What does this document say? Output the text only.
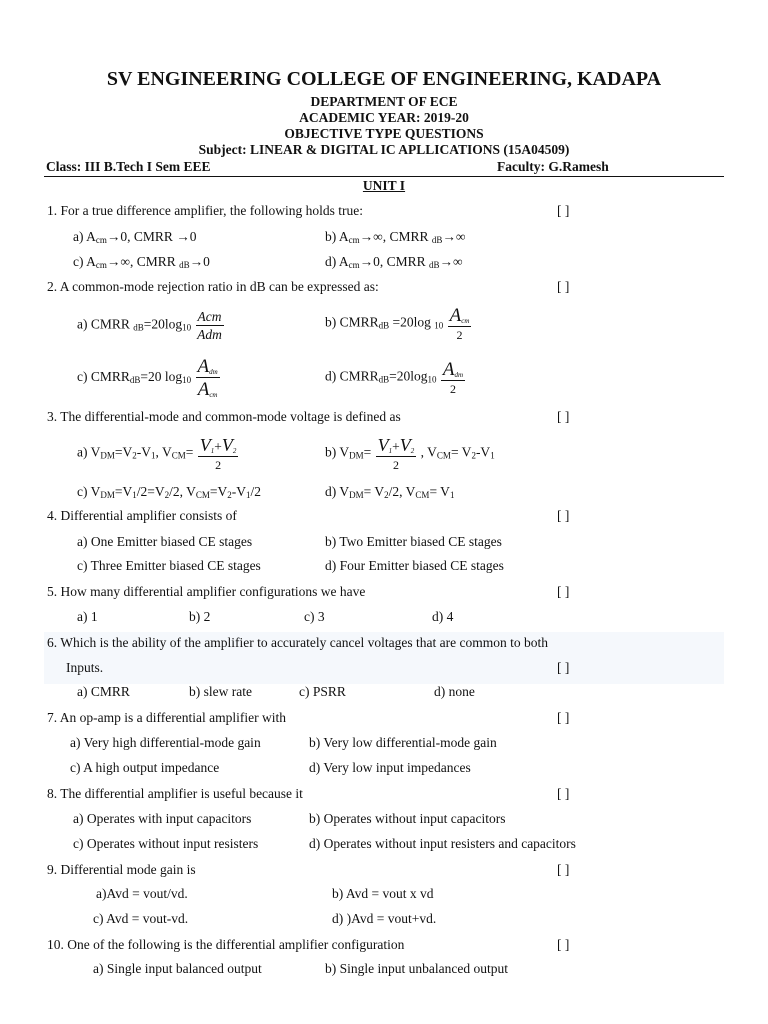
SV ENGINEERING COLLEGE OF ENGINEERING, KADAPA
DEPARTMENT OF ECE
ACADEMIC YEAR: 2019-20
OBJECTIVE TYPE QUESTIONS
Subject: LINEAR & DIGITAL IC APLLICATIONS (15A04509)
Class: III B.Tech I Sem EEE	Faculty: G.Ramesh
UNIT I
1. For a true difference amplifier, the following holds true:	[ ]
a) $A_{cm}\to 0$, CMRR →0	b) $A_{cm}\to\infty$, CMRR $_{dB}$→∞
c) $A_{cm}\to\infty$, CMRR $_{dB}$→0	d) $A_{cm}\to 0$, CMRR $_{dB}$→∞
2. A common-mode rejection ratio in dB can be expressed as:	[ ]
a) CMRR $_{dB}=20\log_{10} \frac{\text{Acm}}{\text{Adm}}$	b) $CMRR_{dB} =20\log$ $_{10} \frac{\text{Acm}}{2}$
c) $CMRR_{dB}=20$ $\log_{10} \frac{\text{Adm}}{\text{Acm}}$	d) $CMRR_{dB}=20\log_{10} \frac{\text{Adm}}{2}$
3. The differential-mode and common-mode voltage is defined as	[ ]
a) $V_{DM}=V_2-V_1$, $V_{CM}= \frac{V1+V2}{2}$	b) $V_{DM}= \frac{V1+V2}{2}$ , $V_{CM}= V_2-V_1$
c) $V_{DM}=V_1/2=V_2/2$, $V_{CM}=V_2-V_1/2$	d) $V_{DM}= V_2/2$, $V_{CM}= V_1$
4. Differential amplifier consists of	[ ]
a) One Emitter biased CE stages	b) Two Emitter biased CE stages
c) Three Emitter biased CE stages	d) Four Emitter biased CE stages
5. How many differential amplifier configurations we have	[ ]
a) 1	b) 2	c) 3	d) 4
6. Which is the ability of the amplifier to accurately cancel voltages that are common to both
Inputs.	[ ]
a) CMRR	b) slew rate	c) PSRR	d) none
7. An op-amp is a differential amplifier with	[ ]
a) Very high differential-mode gain	b) Very low differential-mode gain
c) A high output impedance	d) Very low input impedances
8. The differential amplifier is useful because it	[ ]
a) Operates with input capacitors	b) Operates without input capacitors
c) Operates without input resisters	d) Operates without input resisters and capacitors
9. Differential mode gain is	[ ]
a)Avd = vout/vd.	b) Avd = vout x vd
c) Avd = vout-vd.	d) )Avd = vout+vd.
10. One of the following is the differential amplifier configuration	[ ]
a) Single input balanced output	b) Single input unbalanced output
